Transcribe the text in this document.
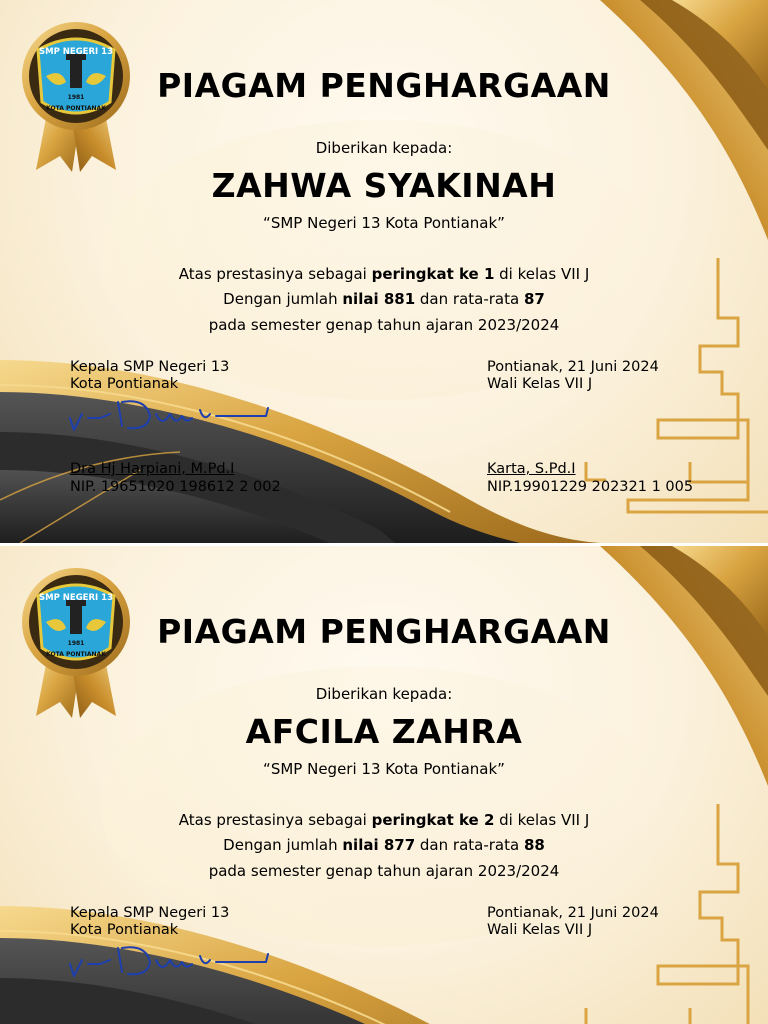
SMP NEGERI 13
1981
KOTA PONTIANAK
PIAGAM PENGHARGAAN
Diberikan kepada:
ZAHWA SYAKINAH
“SMP Negeri 13 Kota Pontianak”
Atas prestasinya sebagai peringkat ke 1 di kelas VII J
Dengan jumlah nilai 881 dan rata-rata 87
pada semester genap tahun ajaran 2023/2024
Kepala SMP Negeri 13
Kota Pontianak
Pontianak, 21 Juni 2024
Wali Kelas VII J
Dra Hj Harpiani, M.Pd.I
NIP. 19651020 198612 2 002
Karta, S.Pd.I
NIP.19901229 202321 1 005
SMP NEGERI 13
1981
KOTA PONTIANAK
PIAGAM PENGHARGAAN
Diberikan kepada:
AFCILA ZAHRA
“SMP Negeri 13 Kota Pontianak”
Atas prestasinya sebagai peringkat ke 2 di kelas VII J
Dengan jumlah nilai 877 dan rata-rata 88
pada semester genap tahun ajaran 2023/2024
Kepala SMP Negeri 13
Kota Pontianak
Pontianak, 21 Juni 2024
Wali Kelas VII J
